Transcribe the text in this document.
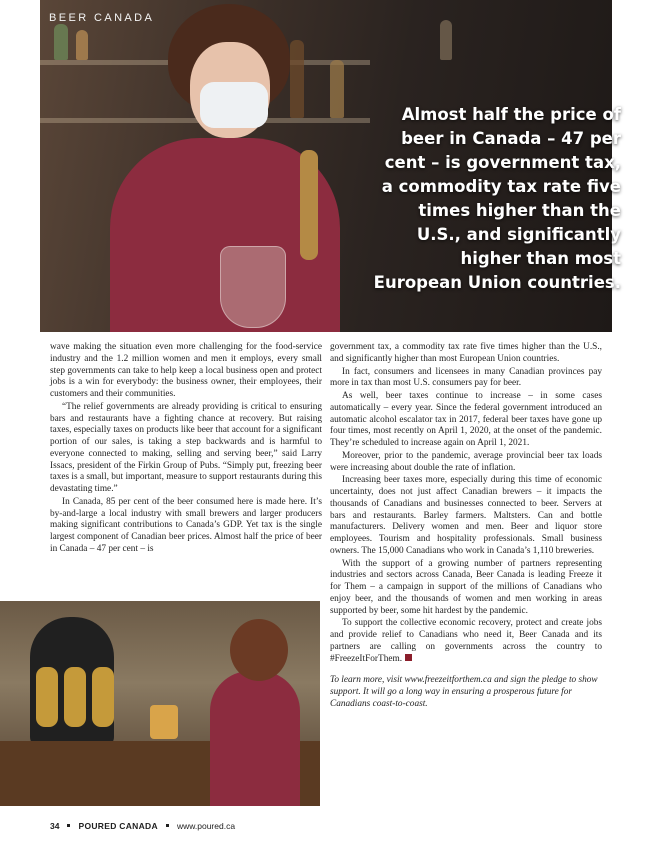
BEER CANADA

Almost half the price of beer in Canada – 47 per cent – is government tax, a commodity tax rate five times higher than the U.S., and significantly higher than most European Union countries.

wave making the situation even more challenging for the food-service industry and the 1.2 million women and men it employs, every small step governments can take to help keep a local business open and protect jobs is a win for everybody: the business owner, their employees, their customers and their communities.

“The relief governments are already providing is critical to ensuring bars and restaurants have a fighting chance at recovery. But raising taxes, especially taxes on products like beer that account for a significant portion of our sales, is taking a step backwards and is harmful to everyone connected to making, selling and serving beer,” said Larry Issacs, president of the Firkin Group of Pubs. “Simply put, freezing beer taxes is a small, but important, measure to support restaurants during this devastating time.”

In Canada, 85 per cent of the beer consumed here is made here. It’s by-and-large a local industry with small brewers and larger producers making significant contributions to Canada’s GDP. Yet tax is the single largest component of Canadian beer prices. Almost half the price of beer in Canada – 47 per cent – is

government tax, a commodity tax rate five times higher than the U.S., and significantly higher than most European Union countries.

In fact, consumers and licensees in many Canadian provinces pay more in tax than most U.S. consumers pay for beer.

As well, beer taxes continue to increase – in some cases automatically – every year. Since the federal government introduced an automatic alcohol escalator tax in 2017, federal beer taxes have gone up four times, most recently on April 1, 2020, at the onset of the pandemic. They’re scheduled to increase again on April 1, 2021.

Moreover, prior to the pandemic, average provincial beer tax loads were increasing about double the rate of inflation.

Increasing beer taxes more, especially during this time of economic uncertainty, does not just affect Canadian brewers – it impacts the thousands of Canadians and businesses connected to beer. Servers at bars and restaurants. Barley farmers. Maltsters. Can and bottle manufacturers. Delivery women and men. Beer and liquor store employees. Tourism and hospitality professionals. Small business owners. The 15,000 Canadians who work in Canada’s 1,110 breweries.

With the support of a growing number of partners representing industries and sectors across Canada, Beer Canada is leading Freeze it for Them – a campaign in support of the millions of Canadians who enjoy beer, and the thousands of women and men working in areas supported by beer, some hit hardest by the pandemic.

To support the collective economic recovery, protect and create jobs and provide relief to Canadians who need it, Beer Canada and its partners are calling on governments across the country to #FreezeItForThem.

To learn more, visit www.freezeitforthem.ca and sign the pledge to show support. It will go a long way in ensuring a prosperous future for Canadians coast-to-coast.

34 POURED CANADA www.poured.ca
